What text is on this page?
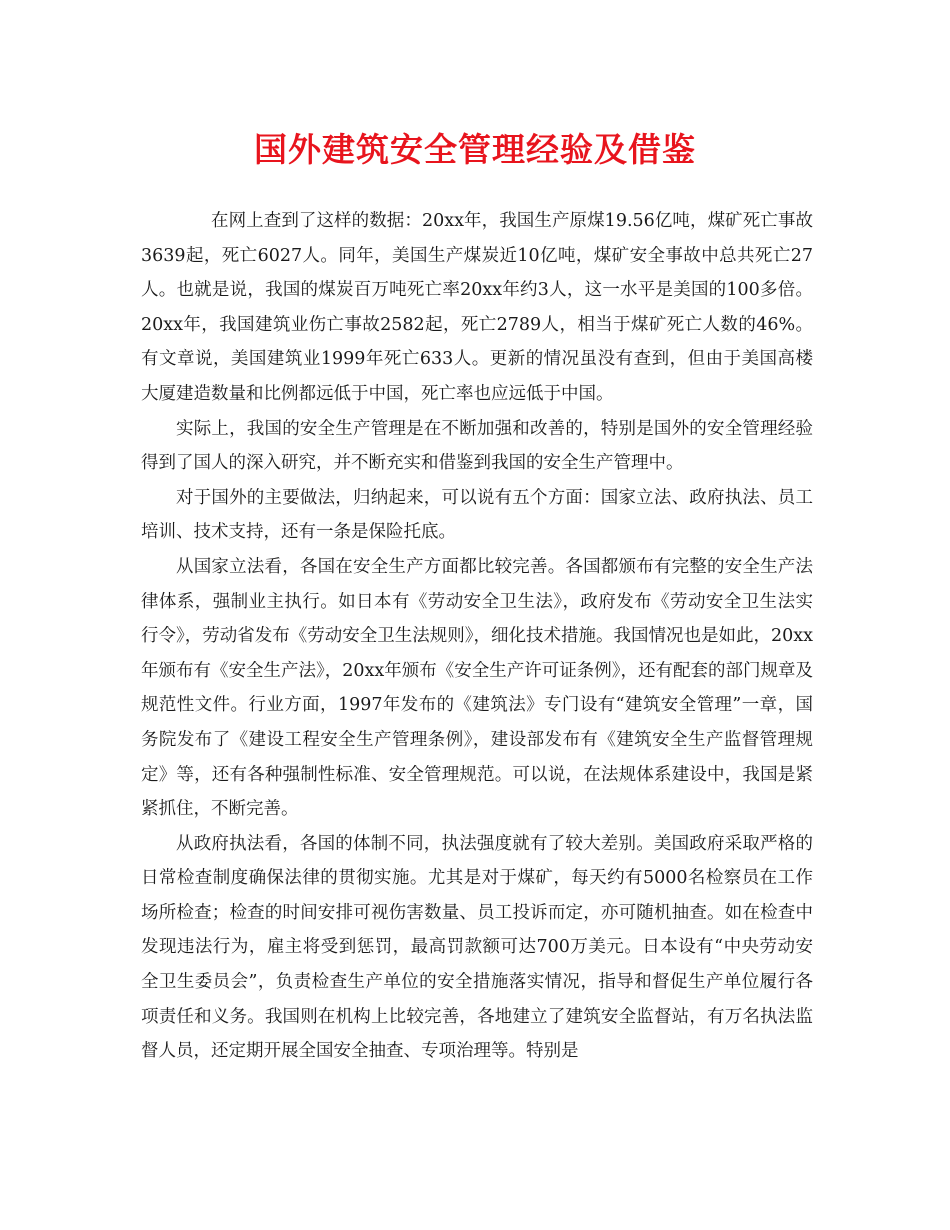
国外建筑安全管理经验及借鉴

在网上查到了这样的数据：20xx年，我国生产原煤19.56亿吨，煤矿死亡事故3639起，死亡6027人。同年，美国生产煤炭近10亿吨，煤矿安全事故中总共死亡27人。也就是说，我国的煤炭百万吨死亡率20xx年约3人，这一水平是美国的100多倍。20xx年，我国建筑业伤亡事故2582起，死亡2789人，相当于煤矿死亡人数的46%。有文章说，美国建筑业1999年死亡633人。更新的情况虽没有查到，但由于美国高楼大厦建造数量和比例都远低于中国，死亡率也应远低于中国。

实际上，我国的安全生产管理是在不断加强和改善的，特别是国外的安全管理经验得到了国人的深入研究，并不断充实和借鉴到我国的安全生产管理中。

对于国外的主要做法，归纳起来，可以说有五个方面：国家立法、政府执法、员工培训、技术支持，还有一条是保险托底。

从国家立法看，各国在安全生产方面都比较完善。各国都颁布有完整的安全生产法律体系，强制业主执行。如日本有《劳动安全卫生法》，政府发布《劳动安全卫生法实行令》，劳动省发布《劳动安全卫生法规则》，细化技术措施。我国情况也是如此，20xx年颁布有《安全生产法》，20xx年颁布《安全生产许可证条例》，还有配套的部门规章及规范性文件。行业方面，1997年发布的《建筑法》专门设有“建筑安全管理”一章，国务院发布了《建设工程安全生产管理条例》，建设部发布有《建筑安全生产监督管理规定》等，还有各种强制性标准、安全管理规范。可以说，在法规体系建设中，我国是紧紧抓住，不断完善。

从政府执法看，各国的体制不同，执法强度就有了较大差别。美国政府采取严格的日常检查制度确保法律的贯彻实施。尤其是对于煤矿，每天约有5000名检察员在工作场所检查；检查的时间安排可视伤害数量、员工投诉而定，亦可随机抽查。如在检查中发现违法行为，雇主将受到惩罚，最高罚款额可达700万美元。日本设有“中央劳动安全卫生委员会”，负责检查生产单位的安全措施落实情况，指导和督促生产单位履行各项责任和义务。我国则在机构上比较完善，各地建立了建筑安全监督站，有万名执法监督人员，还定期开展全国安全抽查、专项治理等。特别是
